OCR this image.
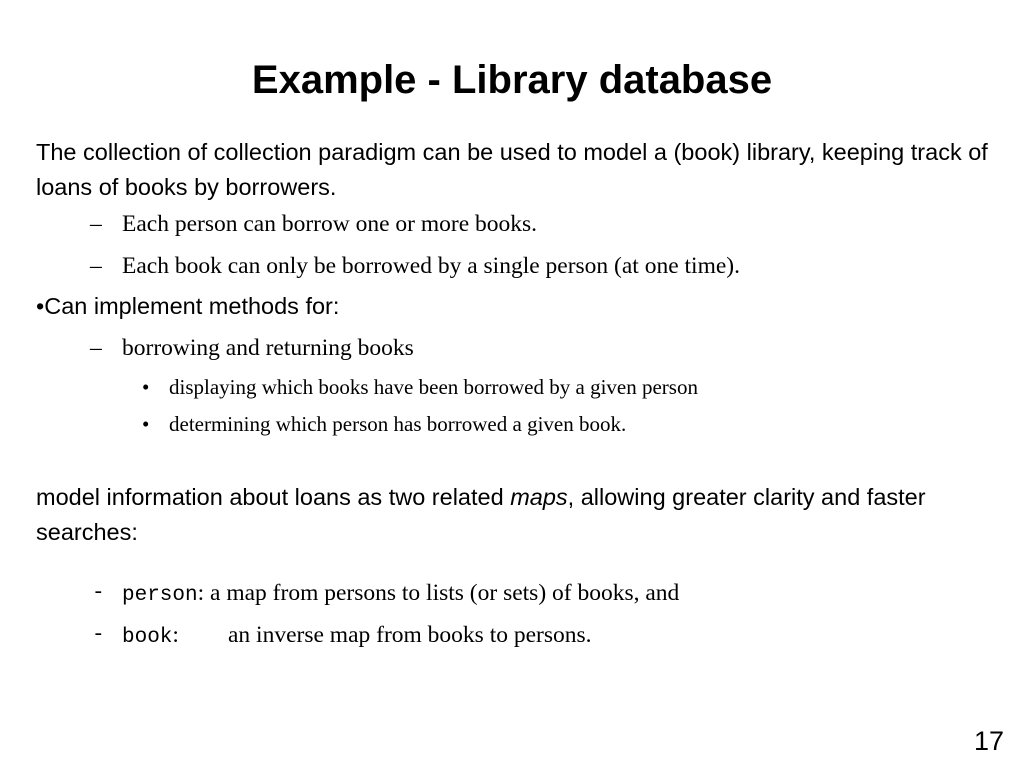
Example - Library database

The collection of collection paradigm can be used to model a (book) library, keeping track of loans of books by borrowers.

– Each person can borrow one or more books.
– Each book can only be borrowed by a single person (at one time).
•Can implement methods for:
– borrowing and returning books
• displaying which books have been borrowed by a given person
• determining which person has borrowed a given book.

model information about loans as two related maps, allowing greater clarity and faster searches:

- person: a map from persons to lists (or sets) of books, and
- book: an inverse map from books to persons.
17
